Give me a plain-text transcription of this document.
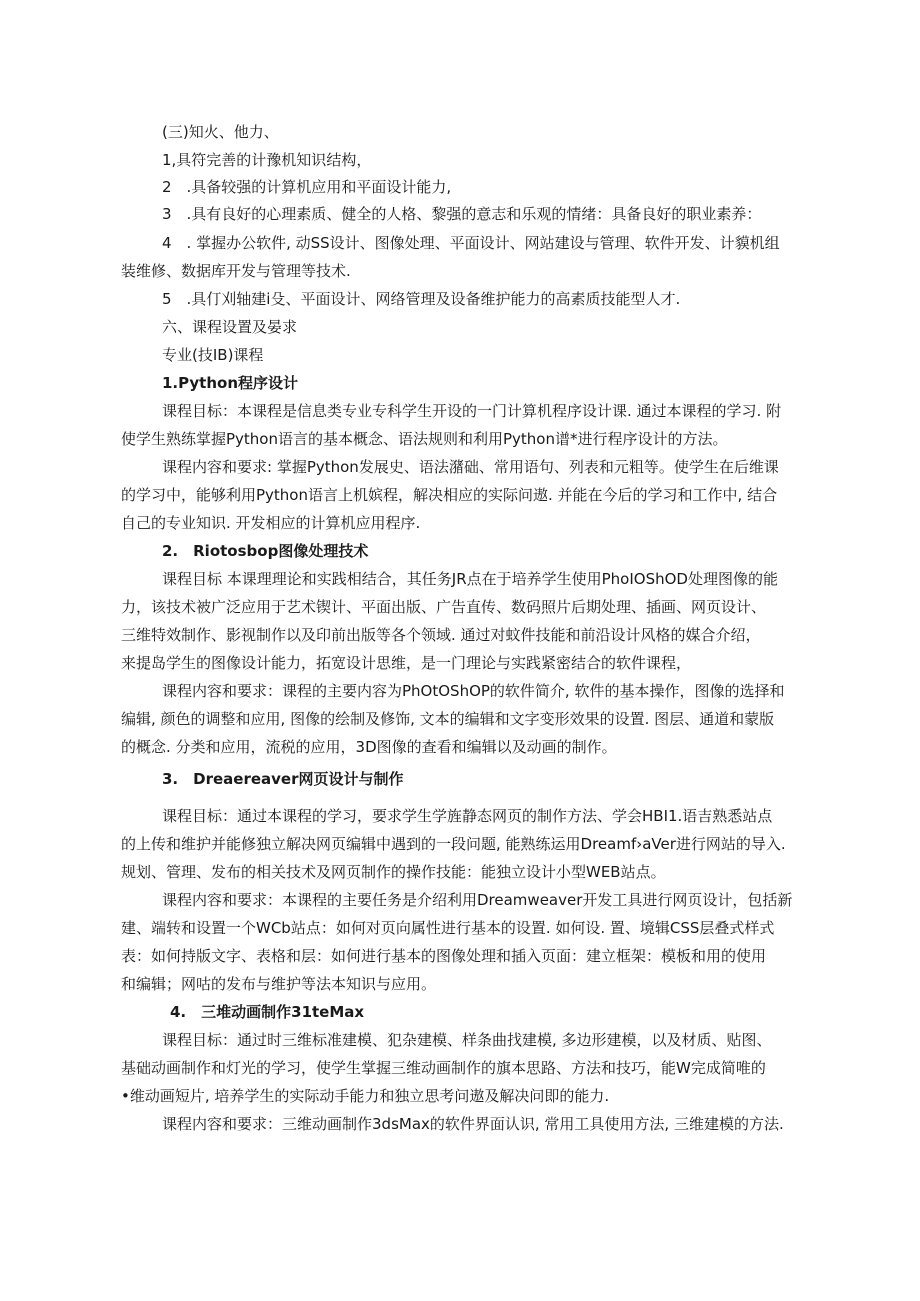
(三)知火、他力、
1,具符完善的计豫机知识结构，
2　.具备较强的计算机应用和平面设计能力,
3　.具有良好的心理素质、健全的人格、黎强的意志和乐观的情绪：具备良好的职业素养：
4　. 掌握办公软件, 动SS设计、图像处理、平面设计、网站建设与管理、软件开发、计貘机组
装维修、数据库开发与管理等技术.
5　.具仃刈轴建i殳、平面设计、网络管理及设备维护能力的高素质技能型人才.
六、课程设置及晏求
专业(技IB)课程
1.Python程序设计
课程目标：本课程是信息类专业专科学生开设的一门计算机程序设计课. 通过本课程的学习. 附
使学生熟练掌握Python语言的基本概念、语法规则和利用Python谱*进行程序设计的方法。
课程内容和要求: 掌握Python发展史、语法潴础、常用语句、列表和元粗等。使学生在后维课
的学习中，能够利用Python语言上机嫔程，解决相应的实际问遨. 并能在今后的学习和工作中, 结合
自己的专业知识. 开发相应的计算机应用程序.
2.　Riotosbop图像处理技术
课程目标 本课理理论和实践相结合，其任务JR点在于培养学生使用PhoIOShOD处理图像的能
力，该技术被广泛应用于艺术锲计、平面出版、广告直传、数码照片后期处理、插画、网页设计、
三维特效制作、影视制作以及印前出版等各个领域. 通过对蚊件技能和前沿设计风格的媒合介绍，
来提岛学生的图像设计能力，拓宽设计思维，是一门理论与实践紧密结合的软件课程，
课程内容和要求：课程的主要内容为PhOtOShOP的软件简介, 软件的基本操作，图像的选择和
编辑, 颜色的调整和应用, 图像的绘制及修饰, 文本的编辑和文字变形效果的设置. 图层、通道和蒙版
的概念. 分类和应用，流税的应用，3D图像的查看和编辑以及动画的制作。
3.　Dreaereaver网页设计与制作
课程目标：通过本课程的学习，要求学生学旌静态网页的制作方法、学会HBI1.语吉熟悉站点
的上传和维护并能修独立解决网页编辑中遇到的一段问题, 能熟练运用Dreamf›aVer进行网站的导入.
规划、管理、发布的相关技术及网页制作的操作技能：能独立设计小型WEB站点。
课程内容和要求：本课程的主要任务是介绍利用Dreamweaver开发工具进行网页设计，包括新
建、端转和设置一个WCb站点：如何对页向属性进行基本的设置. 如何设. 置、境辑CSS层叠式样式
表：如何持版文字、表格和层：如何进行基本的图像处理和插入页面：建立框架：模板和用的使用
和编辑；网咕的发布与维护等法本知识与应用。
4.　三堆动画制作31teMax
课程目标：通过时三维标准建模、犯杂建模、样条曲找建模, 多边形建模，以及材质、贴图、
基础动画制作和灯光的学习，使学生掌握三维动画制作的旗本思路、方法和技巧，能W完成简唯的
•维动画短片, 培养学生的实际动手能力和独立思考问遨及解决问即的能力.
课程内容和要求：三维动画制作3dsMax的软件界面认识, 常用工具使用方法, 三维建模的方法.
